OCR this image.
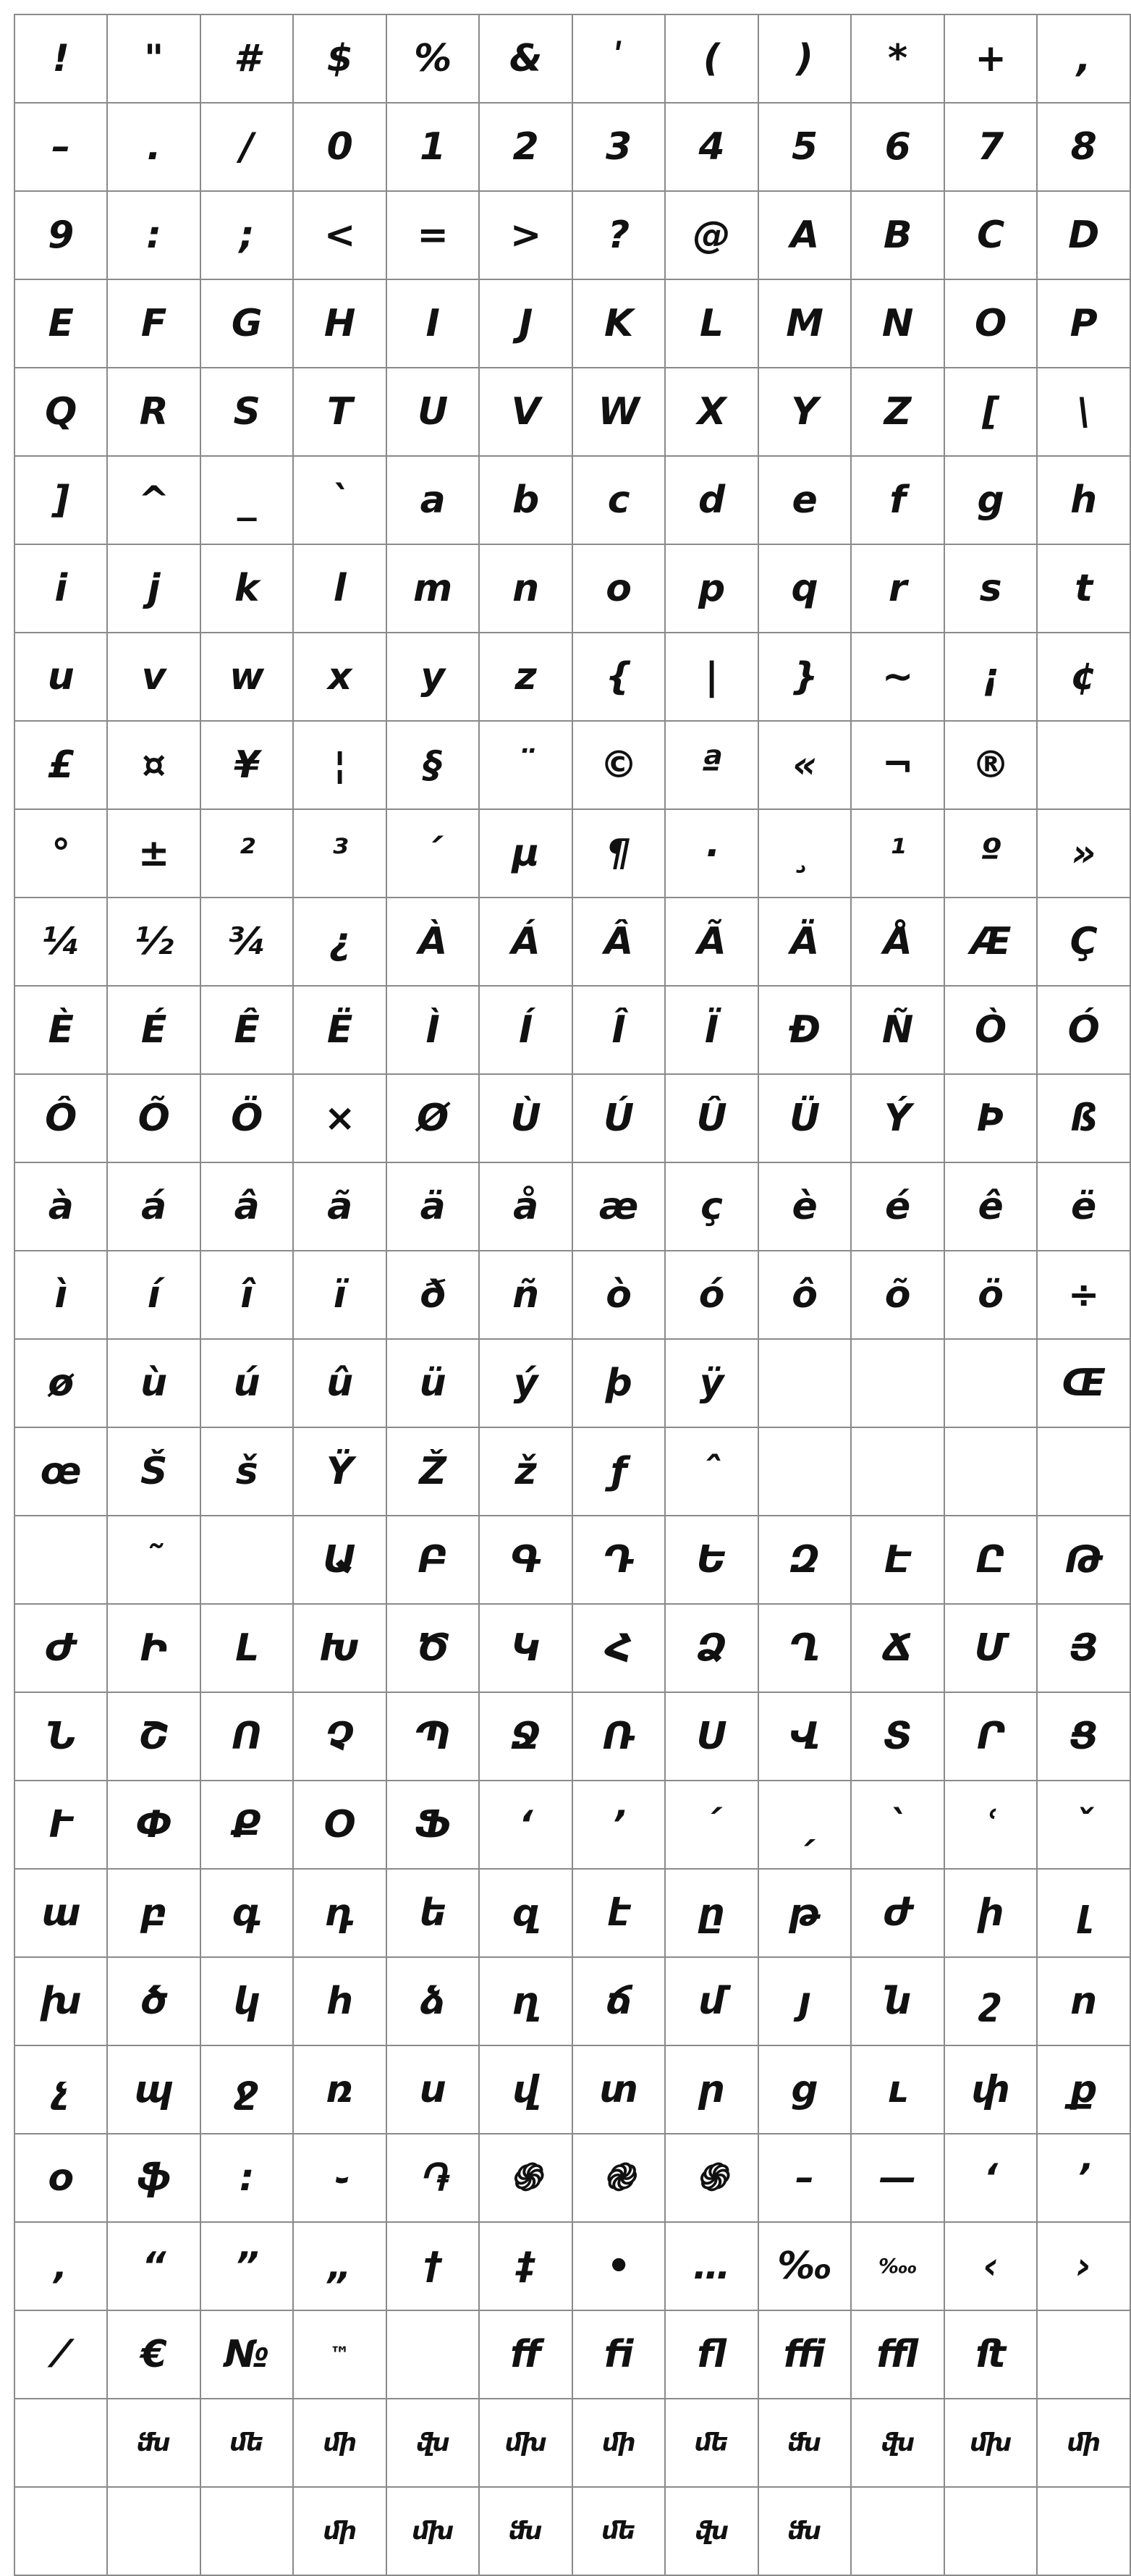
!	"	#	$	%	&	ʹ	(	)	*	+	,
–	.	/	0	1	2	3	4	5	6	7	8
9	:	;	<	=	>	?	@	A	B	C	D
E	F	G	H	I	J	K	L	M	N	O	P
Q	R	S	T	U	V	W	X	Y	Z	[	\
]	^	_	`	a	b	c	d	e	f	g	h
i	j	k	l	m	n	o	p	q	r	s	t
u	v	w	x	y	z	{	|	}	~	¡	¢
£	¤	¥	¦	§	¨	©	ª	«	¬	®	
°	±	²	³	´	µ	¶	·	¸	¹	º	»
¼	½	¾	¿	À	Á	Â	Ã	Ä	Å	Æ	Ç
È	É	Ê	Ë	Ì	Í	Î	Ï	Ð	Ñ	Ò	Ó
Ô	Õ	Ö	×	Ø	Ù	Ú	Û	Ü	Ý	Þ	ß
à	á	â	ã	ä	å	æ	ç	è	é	ê	ë
ì	í	î	ï	ð	ñ	ò	ó	ô	õ	ö	÷
ø	ù	ú	û	ü	ý	þ	ÿ				Œ
œ	Š	š	Ÿ	Ž	ž	ƒ	ˆ				
	˜		Ա	Բ	Գ	Դ	Ե	Զ	Է	Ը	Թ
Ժ	Ի	Լ	Խ	Ծ	Կ	Հ	Ձ	Ղ	Ճ	Մ	Յ
Ն	Շ	Ո	Չ	Պ	Ջ	Ռ	Ս	Վ	Տ	Ր	Ց
Ւ	Փ	Ք	Օ	Ֆ	ʻ	ʼ	ˊ	ˏ	ˋ	ʿ	ˇ
ա	բ	գ	դ	ե	զ	է	ը	թ	ժ	ի	լ
խ	ծ	կ	հ	ձ	ղ	ճ	մ	յ	ն	շ	ո
չ	պ	ջ	ռ	ս	վ	տ	ր	ց	ւ	փ	ք
օ	ֆ	։	֊	֏	֍	֎	֍	–	—	‘	’
‚	“	”	„	†	‡	•	…	‰	‱	‹	›
⁄	€	№	™		ﬀ	ﬁ	ﬂ	ﬃ	ﬄ	ﬅ	
	ﬓ	ﬔ	ﬕ	ﬖ	ﬗ	ﬕ	ﬔ	ﬓ	ﬖ	ﬗ	ﬕ
			ﬕ	ﬗ	ﬓ	ﬔ	ﬖ	ﬓ			
